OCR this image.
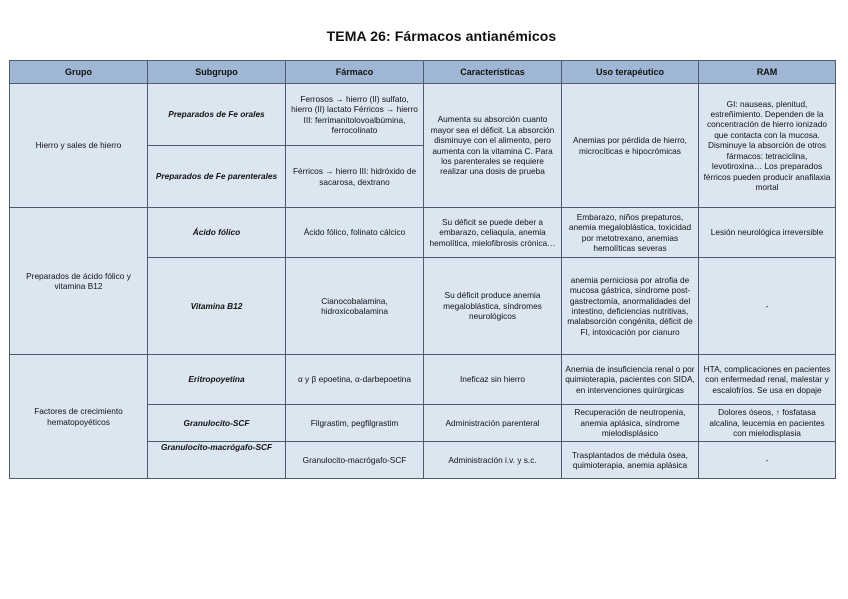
TEMA 26: Fármacos antianémicos
Grupo	Subgrupo	Fármaco	Características	Uso terapéutico	RAM
Hierro y sales de hierro	Preparados de Fe orales	Ferrosos → hierro (II) sulfato, hierro (II) lactato Férricos → hierro III: ferrimanitolovoalbúmina, ferrocolinato	Aumenta su absorción cuanto mayor sea el déficit. La absorción disminuye con el alimento, pero aumenta con la vitamina C. Para los parenterales se requiere realizar una dosis de prueba	Anemias por pérdida de hierro, microcíticas e hipocrómicas	GI: nauseas, plenitud, estreñimiento. Dependen de la concentración de hierro ionizado que contacta con la mucosa. Disminuye la absorción de otros fármacos: tetraciclina, levotiroxina… Los preparados férricos pueden producir anafilaxia mortal
	Preparados de Fe parenterales	Férricos → hierro III: hidróxido de sacarosa, dextrano			
Preparados de ácido fólico y vitamina B12	Ácido fólico	Ácido fólico, folinato cálcico	Su déficit se puede deber a embarazo, celiaquía, anemia hemolítica, mielofibrosis crónica…	Embarazo, niños prepaturos, anemia megaloblástica, toxicidad por metotrexano, anemias hemolíticas severas	Lesión neurológica irreversible
	Vitamina B12	Cianocobalamina, hidroxicobalamina	Su déficit produce anemia megaloblástica, síndromes neurológicos	anemia perniciosa por atrofia de mucosa gástrica, síndrome post-gastrectomía, anormalidades del intestino, deficiencias nutritivas, malabsorción congénita, déficit de FI, intoxicación por cianuro	-
Factores de crecimiento hematopoyéticos	Eritropoyetina	α y β epoetina, α-darbepoetina	Ineficaz sin hierro	Anemia de insuficiencia renal o por quimioterapia, pacientes con SIDA, en intervenciones quirúrgicas	HTA, complicaciones en pacientes con enfermedad renal, malestar y escalofríos. Se usa en dopaje
	Granulocito-SCF	Filgrastim, pegfilgrastim	Administración parenteral	Recuperación de neutropenia, anemia aplásica, síndrome mielodisplásico	Dolores óseos, ↑ fosfatasa alcalina, leucemia en pacientes con mielodisplasia
	Granulocito-macrógafo-SCF	Granulocito-macrógafo-SCF	Administración i.v. y s.c.	Trasplantados de médula ósea, quimioterapia, anemia aplásica	-
